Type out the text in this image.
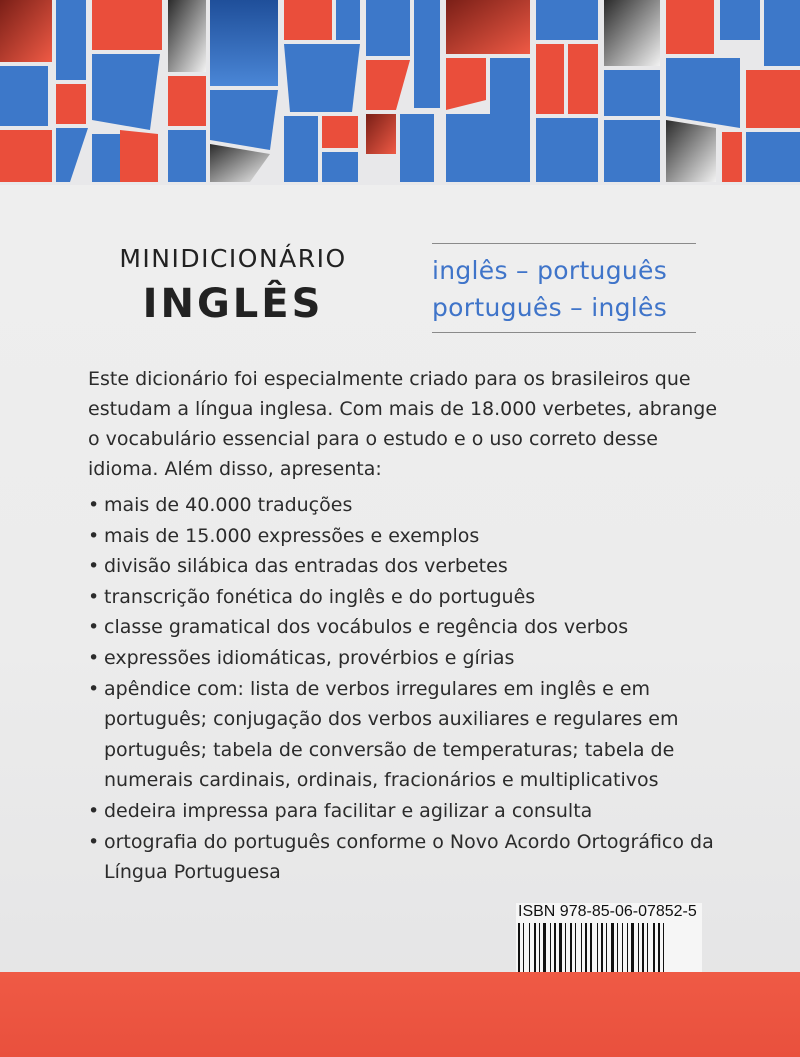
MINIDICIONÁRIO
INGLÊS
inglês – português
português – inglês
Este dicionário foi especialmente criado para os brasileiros que estudam a língua inglesa. Com mais de 18.000 verbetes, abrange o vocabulário essencial para o estudo e o uso correto desse idioma. Além disso, apresenta:
• mais de 40.000 traduções
• mais de 15.000 expressões e exemplos
• divisão silábica das entradas dos verbetes
• transcrição fonética do inglês e do português
• classe gramatical dos vocábulos e regência dos verbos
• expressões idiomáticas, provérbios e gírias
• apêndice com: lista de verbos irregulares em inglês e em português; conjugação dos verbos auxiliares e regulares em português; tabela de conversão de temperaturas; tabela de numerais cardinais, ordinais, fracionários e multiplicativos
• dedeira impressa para facilitar e agilizar a consulta
• ortografia do português conforme o Novo Acordo Ortográfico da Língua Portuguesa
ISBN 978-85-06-07852-5
